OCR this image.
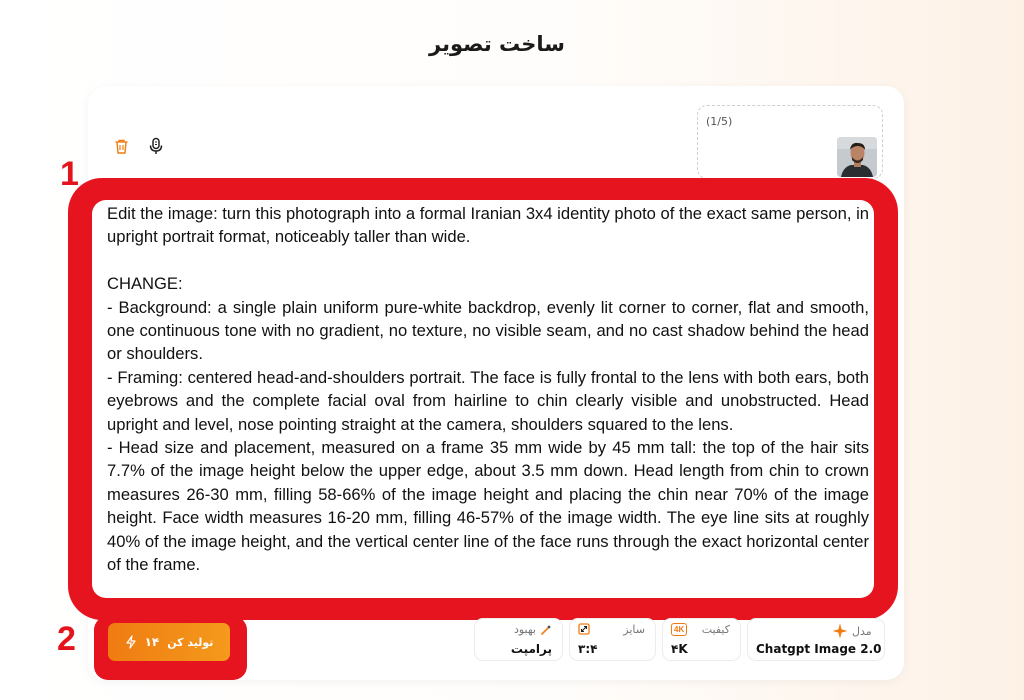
ساخت تصویر
(1/5)
1
2

Edit the image: turn this photograph into a formal Iranian 3x4 identity photo of the exact same person, in upright portrait format, noticeably taller than wide.

CHANGE:
- Background: a single plain uniform pure-white backdrop, evenly lit corner to corner, flat and smooth, one continuous tone with no gradient, no texture, no visible seam, and no cast shadow behind the head or shoulders.
- Framing: centered head-and-shoulders portrait. The face is fully frontal to the lens with both ears, both eyebrows and the complete facial oval from hairline to chin clearly visible and unobstructed. Head upright and level, nose pointing straight at the camera, shoulders squared to the lens.
- Head size and placement, measured on a frame 35 mm wide by 45 mm tall: the top of the hair sits 7.7% of the image height below the upper edge, about 3.5 mm down. Head length from chin to crown measures 26-30 mm, filling 58-66% of the image height and placing the chin near 70% of the image height. Face width measures 16-20 mm, filling 46-57% of the image width. The eye line sits at roughly 40% of the image height, and the vertical center line of the face runs through the exact horizontal center of the frame.

۱۴ تولید کن
بهبود
پرامپت
سایز
۳:۴
کیفیت
4K
۴K
مدل
Chatgpt Image 2.0
